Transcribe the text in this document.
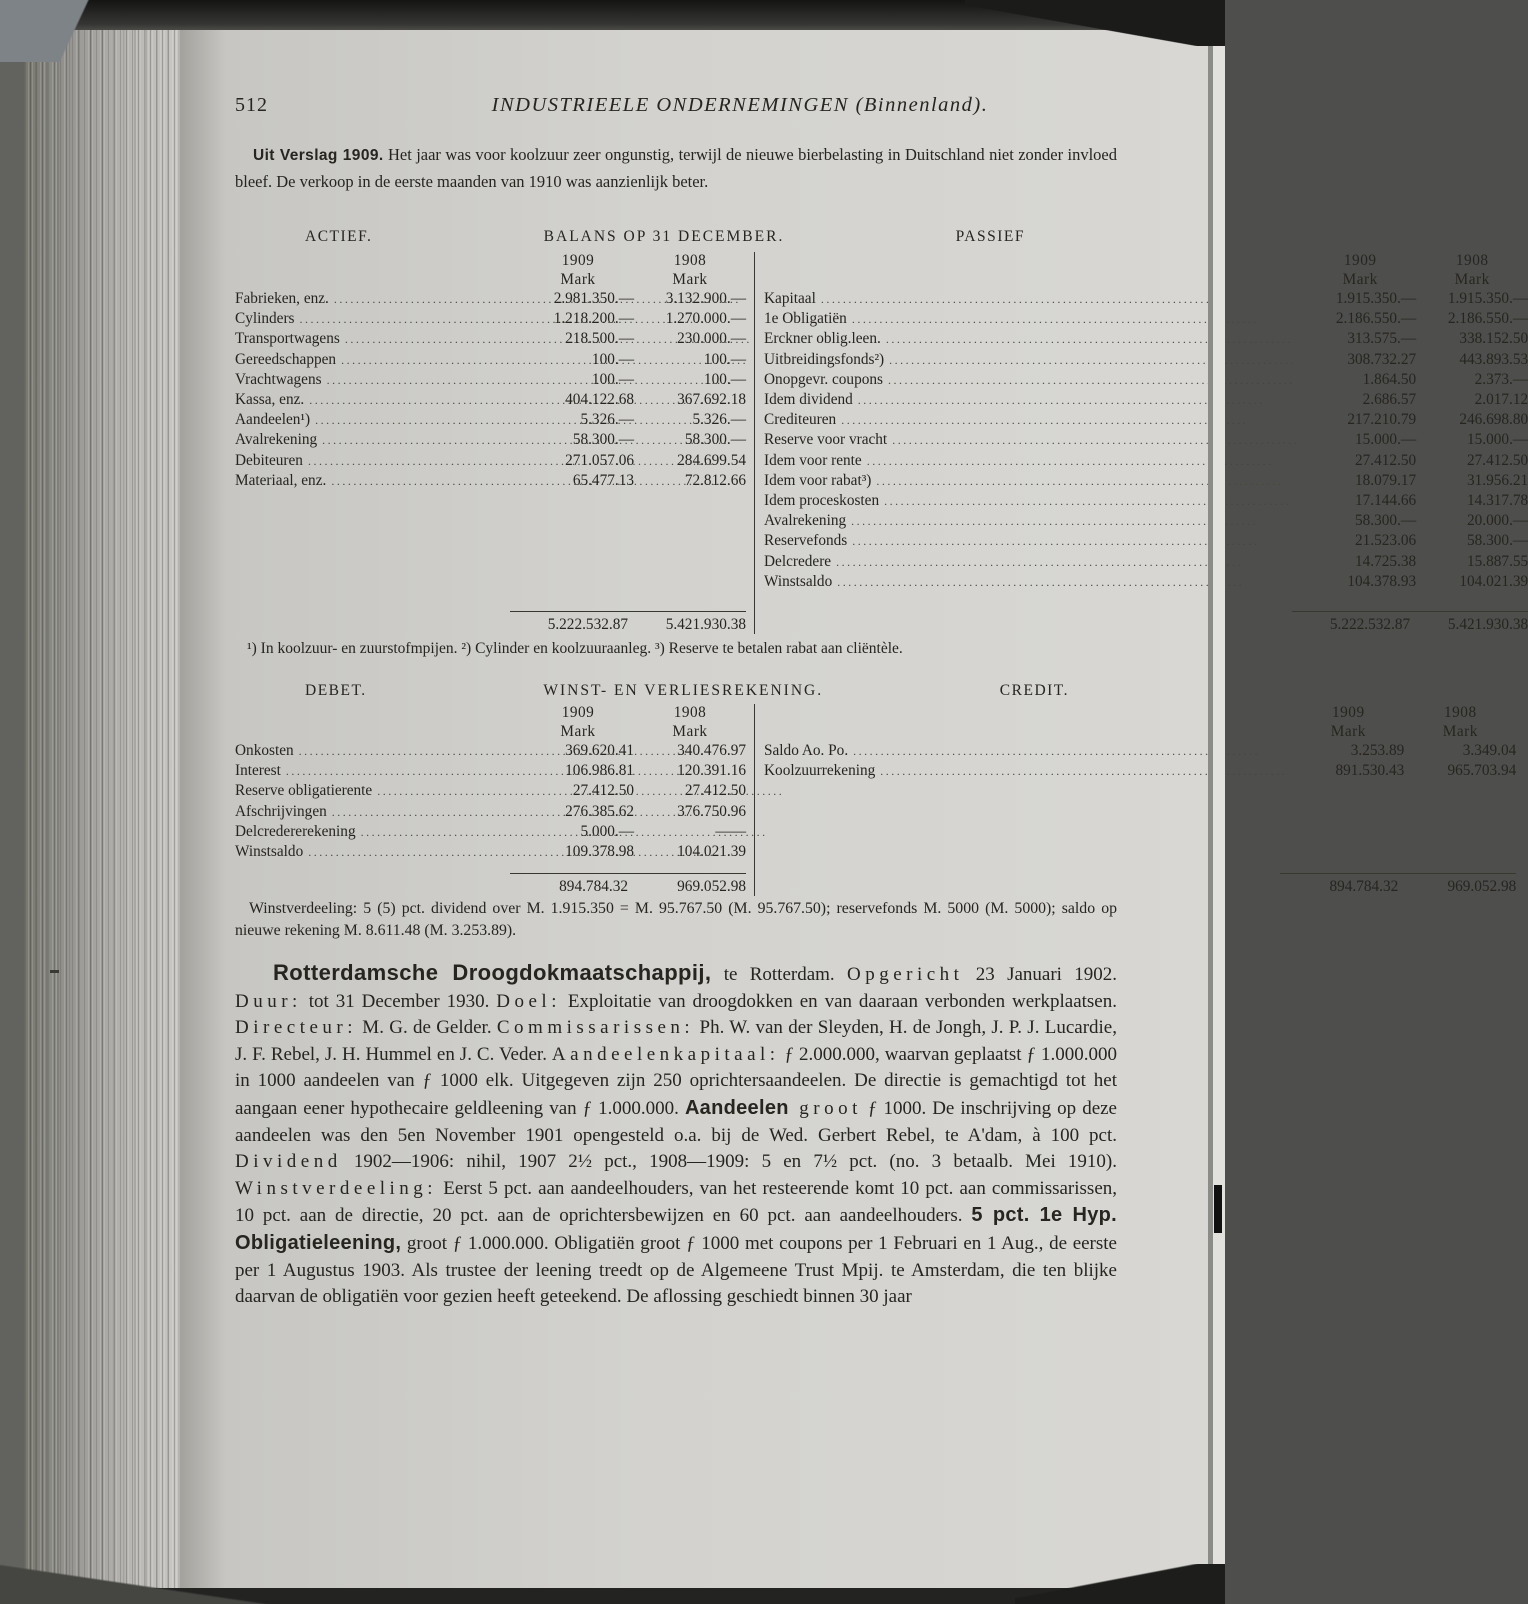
512	INDUSTRIEELE ONDERNEMINGEN (Binnenland).

Uit Verslag 1909. Het jaar was voor koolzuur zeer ongunstig, terwijl de nieuwe bierbelasting in Duitschland niet zonder invloed bleef. De verkoop in de eerste maanden van 1910 was aanzienlijk beter.

ACTIEF.	BALANS OP 31 DECEMBER.	PASSIEF
1909	1908
Mark	Mark
Fabrieken, enz. .....	2.981.350.—	3.132.900.—
Cylinders .....	1.218.200.—	1.270.000.—
Transportwagens .....	218.500.—	230.000.—
Gereedschappen .....	100.—	100.—
Vrachtwagens .....	100.—	100.—
Kassa, enz. .....	404.122.68	367.692.18
Aandeelen¹) .....	5.326.—	5.326.—
Avalrekening .....	58.300.—	58.300.—
Debiteuren .....	271.057.06	284.699.54
Materiaal, enz. .....	65.477.13	72.812.66
5.222.532.87	5.421.930.38
1909	1908
Mark	Mark
Kapitaal .....	1.915.350.—	1.915.350.—
1e Obligatiën .....	2.186.550.—	2.186.550.—
Erckner oblig.leen. .....	313.575.—	338.152.50
Uitbreidingsfonds²) .....	308.732.27	443.893.53
Onopgevr. coupons .....	1.864.50	2.373.—
Idem dividend .....	2.686.57	2.017.12
Crediteuren .....	217.210.79	246.698.80
Reserve voor vracht .....	15.000.—	15.000.—
Idem voor rente .....	27.412.50	27.412.50
Idem voor rabat³) .....	18.079.17	31.956.21
Idem proceskosten .....	17.144.66	14.317.78
Avalrekening .....	58.300.—	20.000.—
Reservefonds .....	21.523.06	58.300.—
Delcredere .....	14.725.38	15.887.55
Winstsaldo .....	104.378.93	104.021.39
5.222.532.87	5.421.930.38

¹) In koolzuur- en zuurstofmpijen. ²) Cylinder en koolzuuraanleg. ³) Reserve te betalen rabat aan cliëntèle.

DEBET.	WINST- EN VERLIESREKENING.	CREDIT.
1909	1908
Mark	Mark
Onkosten .....	369.620.41	340.476.97
Interest .....	106.986.81	120.391.16
Reserve obligatierente .....	27.412.50	27.412.50
Afschrijvingen .....	276.385.62	376.750.96
Delcredererekening .....	5.000.—	——
Winstsaldo .....	109.378.98	104.021.39
894.784.32	969.052.98
1909	1908
Mark	Mark
Saldo Ao. Po. .....	3.253.89	3.349.04
Koolzuurrekening .....	891.530.43	965.703.94
894.784.32	969.052.98

Winstverdeeling: 5 (5) pct. dividend over M. 1.915.350 = M. 95.767.50 (M. 95.767.50); reservefonds M. 5000 (M. 5000); saldo op nieuwe rekening M. 8.611.48 (M. 3.253.89).

Rotterdamsche Droogdokmaatschappij, te Rotterdam. Opgericht 23 Januari 1902. Duur: tot 31 December 1930. Doel: Exploitatie van droogdokken en van daaraan verbonden werkplaatsen. Directeur: M. G. de Gelder. Commissarissen: Ph. W. van der Sleyden, H. de Jongh, J. P. J. Lucardie, J. F. Rebel, J. H. Hummel en J. C. Veder. Aandeelenkapitaal: ƒ 2.000.000, waarvan geplaatst ƒ 1.000.000 in 1000 aandeelen van ƒ 1000 elk. Uitgegeven zijn 250 oprichtersaandeelen. De directie is gemachtigd tot het aangaan eener hypothecaire geldleening van ƒ 1.000.000. Aandeelen groot ƒ 1000. De inschrijving op deze aandeelen was den 5en November 1901 opengesteld o.a. bij de Wed. Gerbert Rebel, te A'dam, à 100 pct. Dividend 1902—1906: nihil, 1907 2½ pct., 1908—1909: 5 en 7½ pct. (no. 3 betaalb. Mei 1910). Winstverdeeling: Eerst 5 pct. aan aandeelhouders, van het resteerende komt 10 pct. aan commissarissen, 10 pct. aan de directie, 20 pct. aan de oprichtersbewijzen en 60 pct. aan aandeelhouders. 5 pct. 1e Hyp. Obligatieleening, groot ƒ 1.000.000. Obligatiën groot ƒ 1000 met coupons per 1 Februari en 1 Aug., de eerste per 1 Augustus 1903. Als trustee der leening treedt op de Algemeene Trust Mpij. te Amsterdam, die ten blijke daarvan de obligatiën voor gezien heeft geteekend. De aflossing geschiedt binnen 30 jaar
